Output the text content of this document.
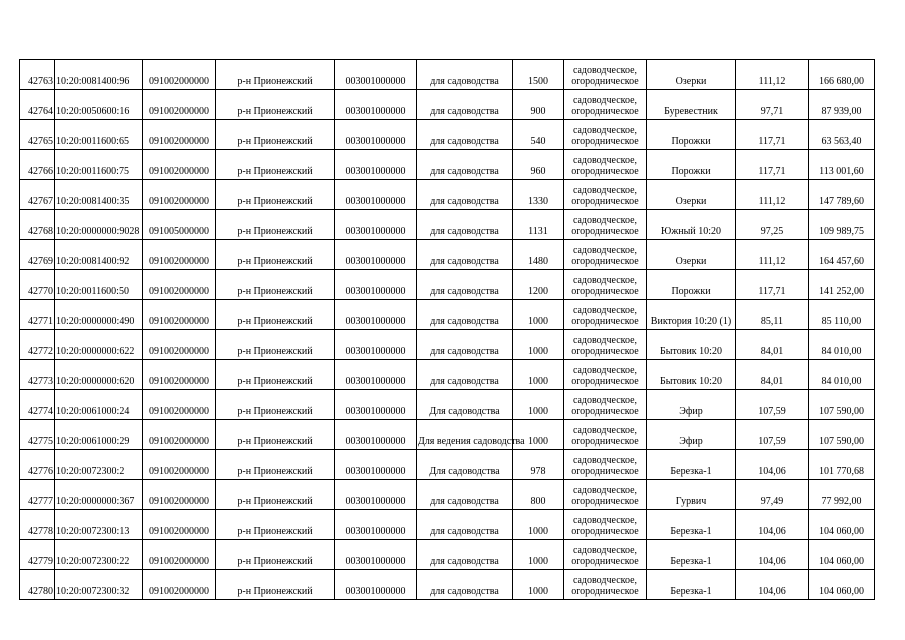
42763	10:20:0081400:96	091002000000	р-н Прионежский	003001000000	для садоводства	1500	садоводческое,
огородническое	Озерки	111,12	166 680,00
42764	10:20:0050600:16	091002000000	р-н Прионежский	003001000000	для садоводства	900	садоводческое,
огородническое	Буревестник	97,71	87 939,00
42765	10:20:0011600:65	091002000000	р-н Прионежский	003001000000	для садоводства	540	садоводческое,
огородническое	Порожки	117,71	63 563,40
42766	10:20:0011600:75	091002000000	р-н Прионежский	003001000000	для садоводства	960	садоводческое,
огородническое	Порожки	117,71	113 001,60
42767	10:20:0081400:35	091002000000	р-н Прионежский	003001000000	для садоводства	1330	садоводческое,
огородническое	Озерки	111,12	147 789,60
42768	10:20:0000000:9028	091005000000	р-н Прионежский	003001000000	для садоводства	1131	садоводческое,
огородническое	Южный 10:20	97,25	109 989,75
42769	10:20:0081400:92	091002000000	р-н Прионежский	003001000000	для садоводства	1480	садоводческое,
огородническое	Озерки	111,12	164 457,60
42770	10:20:0011600:50	091002000000	р-н Прионежский	003001000000	для садоводства	1200	садоводческое,
огородническое	Порожки	117,71	141 252,00
42771	10:20:0000000:490	091002000000	р-н Прионежский	003001000000	для садоводства	1000	садоводческое,
огородническое	Виктория 10:20 (1)	85,11	85 110,00
42772	10:20:0000000:622	091002000000	р-н Прионежский	003001000000	для садоводства	1000	садоводческое,
огородническое	Бытовик 10:20	84,01	84 010,00
42773	10:20:0000000:620	091002000000	р-н Прионежский	003001000000	для садоводства	1000	садоводческое,
огородническое	Бытовик 10:20	84,01	84 010,00
42774	10:20:0061000:24	091002000000	р-н Прионежский	003001000000	Для садоводства	1000	садоводческое,
огородническое	Эфир	107,59	107 590,00
42775	10:20:0061000:29	091002000000	р-н Прионежский	003001000000	Для ведения садоводства	1000	садоводческое,
огородническое	Эфир	107,59	107 590,00
42776	10:20:0072300:2	091002000000	р-н Прионежский	003001000000	Для садоводства	978	садоводческое,
огородническое	Березка-1	104,06	101 770,68
42777	10:20:0000000:367	091002000000	р-н Прионежский	003001000000	для садоводства	800	садоводческое,
огородническое	Гурвич	97,49	77 992,00
42778	10:20:0072300:13	091002000000	р-н Прионежский	003001000000	для садоводства	1000	садоводческое,
огородническое	Березка-1	104,06	104 060,00
42779	10:20:0072300:22	091002000000	р-н Прионежский	003001000000	для садоводства	1000	садоводческое,
огородническое	Березка-1	104,06	104 060,00
42780	10:20:0072300:32	091002000000	р-н Прионежский	003001000000	для садоводства	1000	садоводческое,
огородническое	Березка-1	104,06	104 060,00
